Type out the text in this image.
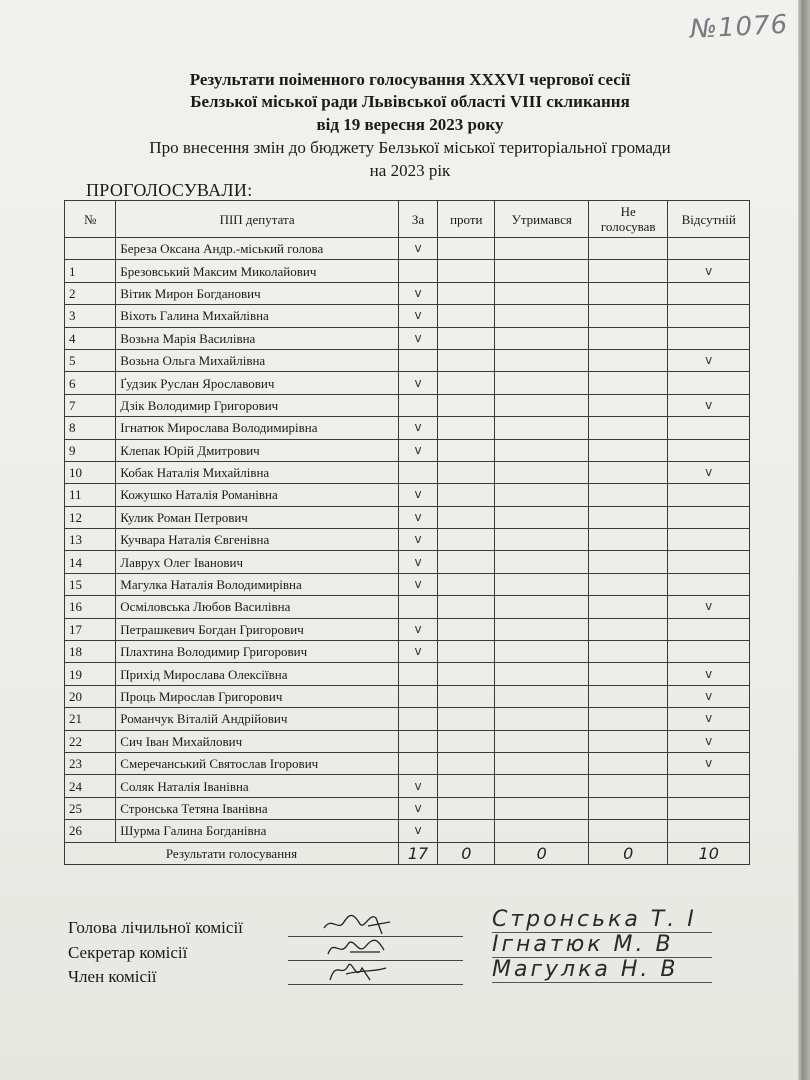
№1076
Результати поіменного голосування XXXVI чергової сесії
Белзької міської ради Львівської області VIII скликання
від 19 вересня 2023 року
Про внесення змін до бюджету Белзької міської територіальної громади
на 2023 рік
ПРОГОЛОСУВАЛИ:
№	ПІП депутата	За	проти	Утримався	Не голосував	Відсутній
	Береза Оксана Андр.-міський голова	v				
1	Брезовський Максим Миколайович					v
2	Вітик Мирон Богданович	v				
3	Віхоть Галина Михайлівна	v				
4	Возьна Марія Василівна	v				
5	Возьна Ольга Михайлівна					v
6	Ґудзик Руслан Ярославович	v				
7	Дзік Володимир Григорович					v
8	Ігнатюк Мирослава Володимирівна	v				
9	Клепак Юрій Дмитрович	v				
10	Кобак Наталія Михайлівна					v
11	Кожушко Наталія Романівна	v				
12	Кулик Роман Петрович	v				
13	Кучвара Наталія Євгенівна	v				
14	Лаврух Олег Іванович	v				
15	Магулка Наталія Володимирівна	v				
16	Осміловська Любов Василівна					v
17	Петрашкевич Богдан Григорович	v				
18	Плахтина Володимир Григорович	v				
19	Прихід Мирослава Олексіївна					v
20	Проць Мирослав Григорович					v
21	Романчук Віталій Андрійович					v
22	Сич Іван Михайлович					v
23	Смеречанський Святослав Ігорович					v
24	Соляк Наталія Іванівна	v				
25	Стронська Тетяна Іванівна	v				
26	Шурма Галина Богданівна	v				
Результати голосування		17	0	0	0	10
Голова лічильної комісії
Секретар комісії
Член комісії
Стронська Т. І
Ігнатюк М. В
Магулка Н. В
